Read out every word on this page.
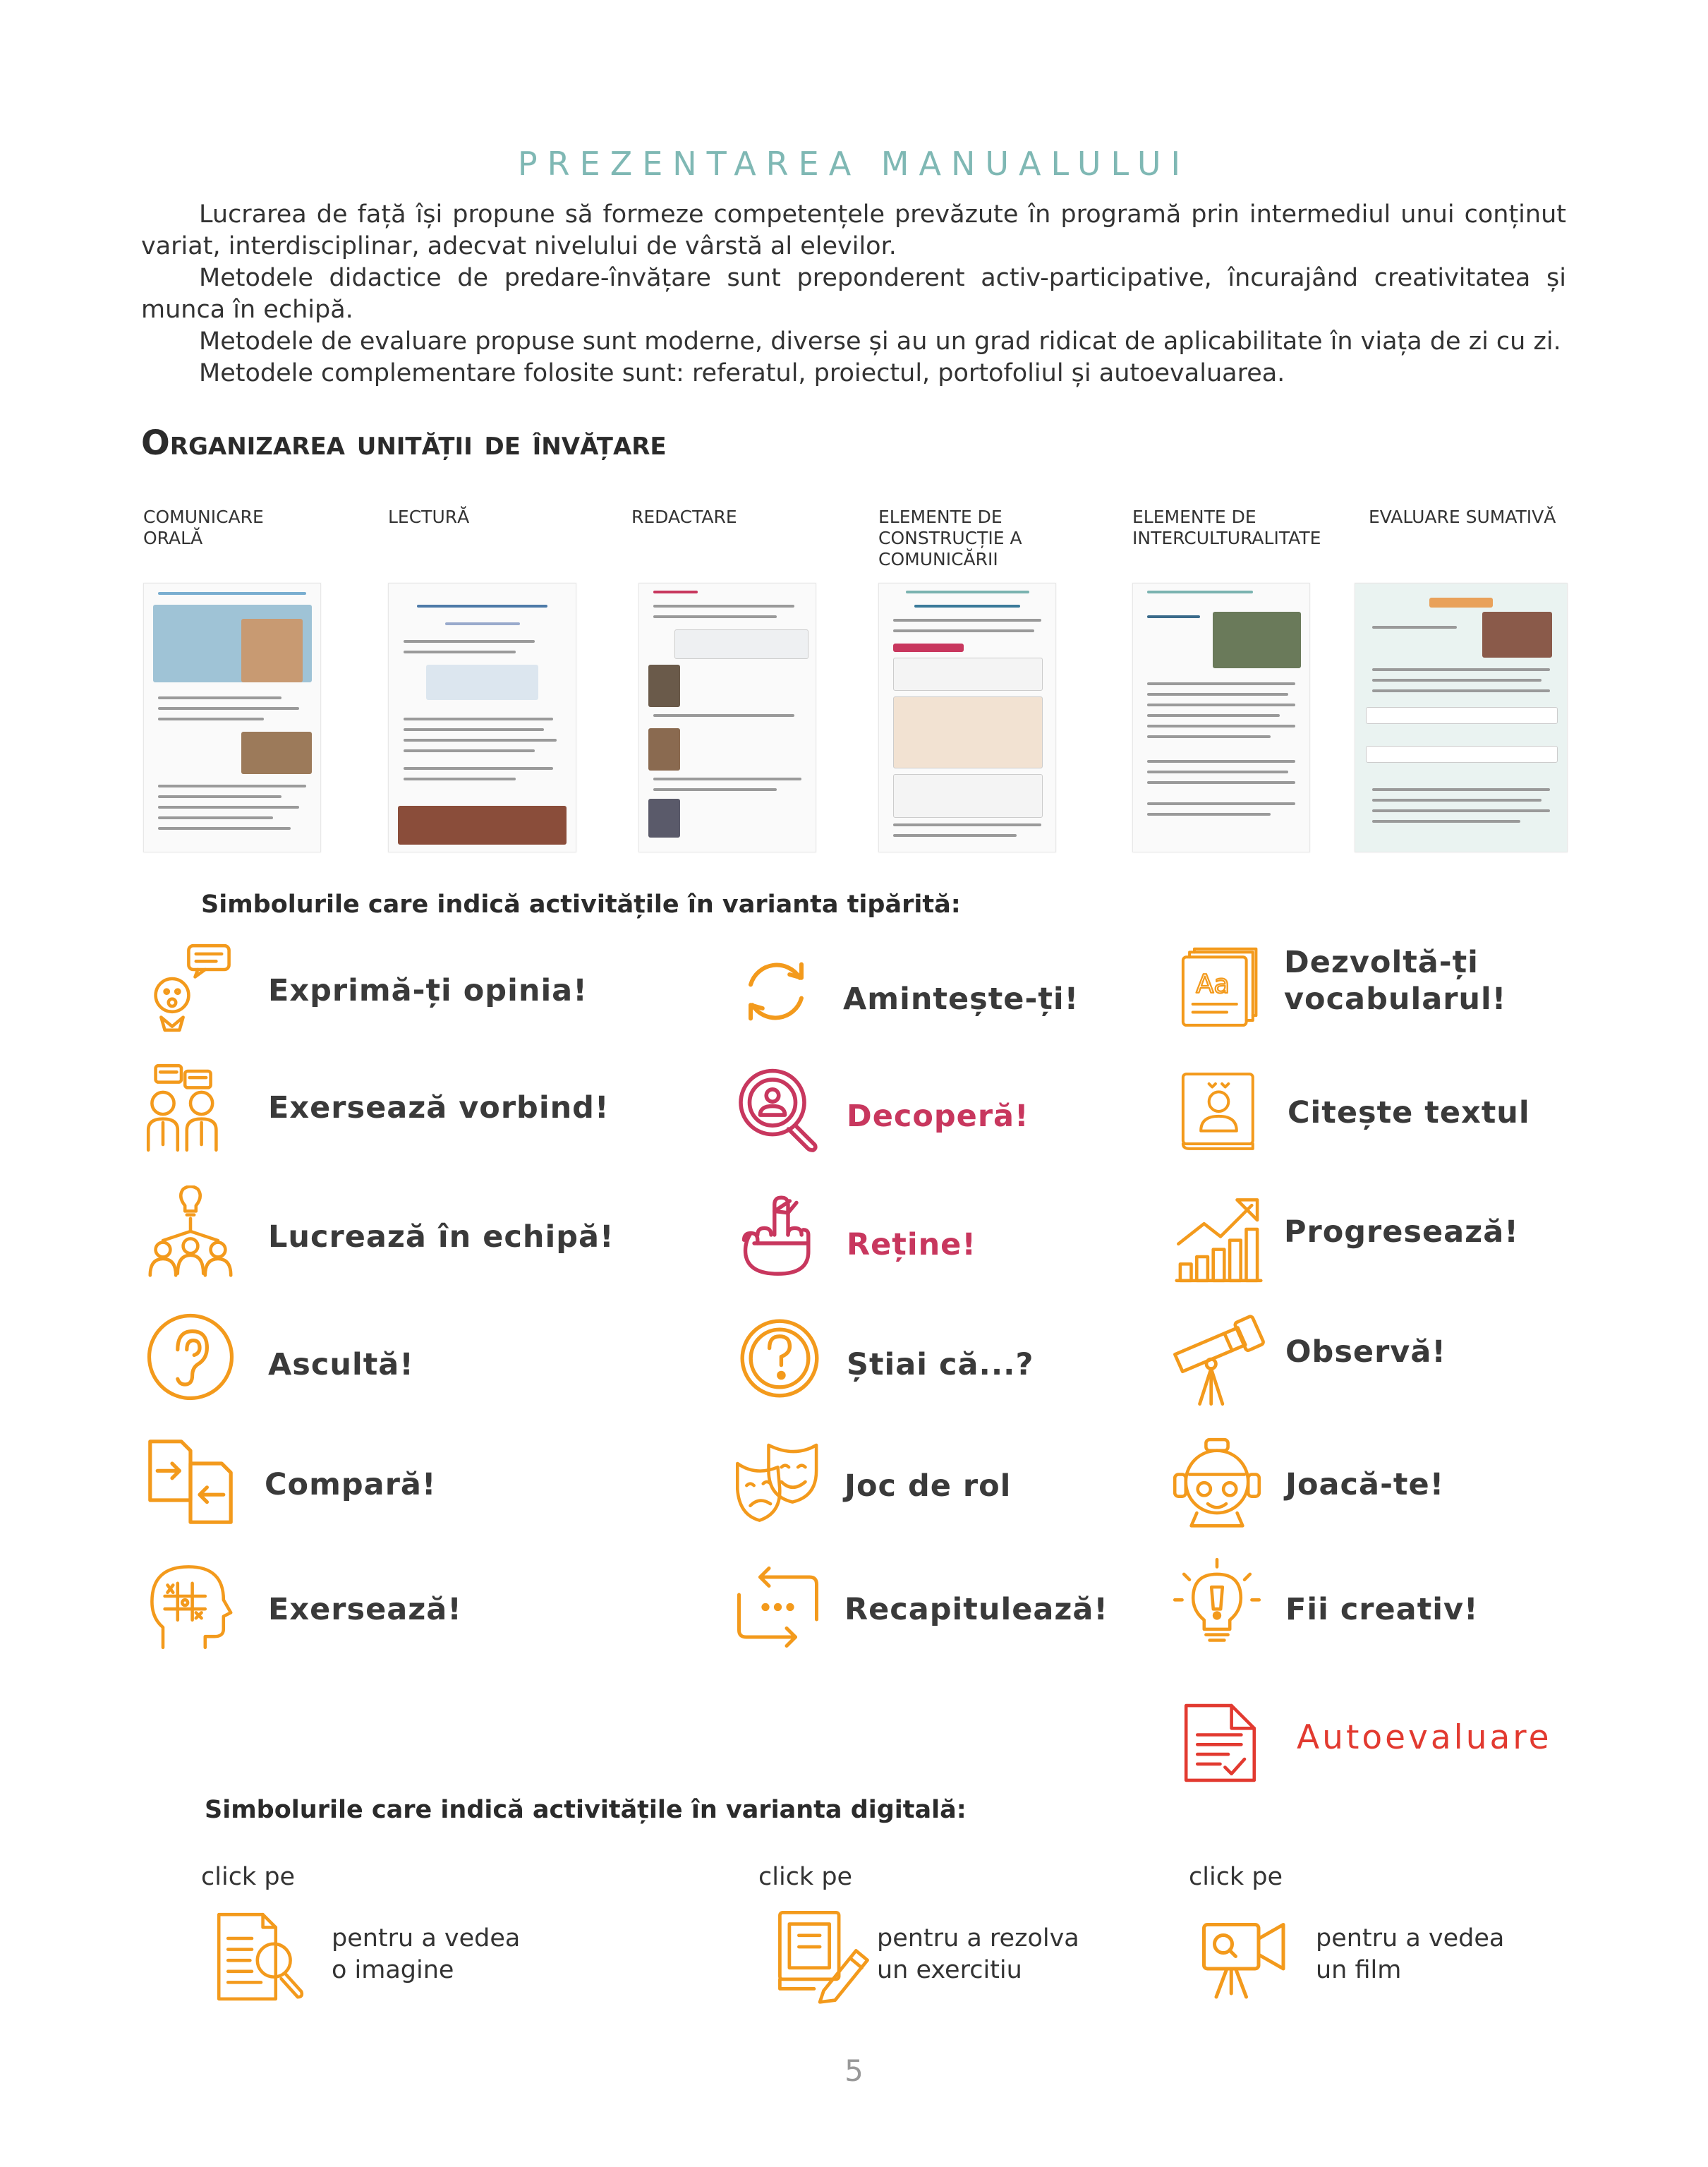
PREZENTAREA MANUALULUI

Lucrarea de față își propune să formeze competențele prevăzute în programă prin intermediul unui conținut variat, interdisciplinar, adecvat nivelului de vârstă al elevilor.

Metodele didactice de predare-învățare sunt preponderent activ-participative, încurajând creativitatea și munca în echipă.

Metodele de evaluare propuse sunt moderne, diverse și au un grad ridicat de aplicabilitate în viața de zi cu zi.

Metodele complementare folosite sunt: referatul, proiectul, portofoliul și autoevaluarea.

Organizarea unității de învățare
COMUNICARE ORALĂ
LECTURĂ	REDACTARE	ELEMENTE DE CONSTRUCȚIE A COMUNICĂRII
ELEMENTE DE INTERCULTURALITATE
EVALUARE SUMATIVĂ
Simbolurile care indică activitățile în varianta tipărită:
Exprimă-ți opinia!
Exersează vorbind!
Lucrează în echipă!
Ascultă!
Compară!
Exersează!
Amintește-ți!
Decoperă!
Reține!
Știai că...?
Joc de rol
Recapitulează!
Aa
Dezvoltă-ți vocabularul!
Citește textul
Progresează!
Observă!
Joacă-te!
Fii creativ!
Autoevaluare
Simbolurile care indică activitățile în varianta digitală:
click pe
pentru a vedea
o imagine
click pe
pentru a rezolva
un exercitiu
click pe
pentru a vedea
un film
5
